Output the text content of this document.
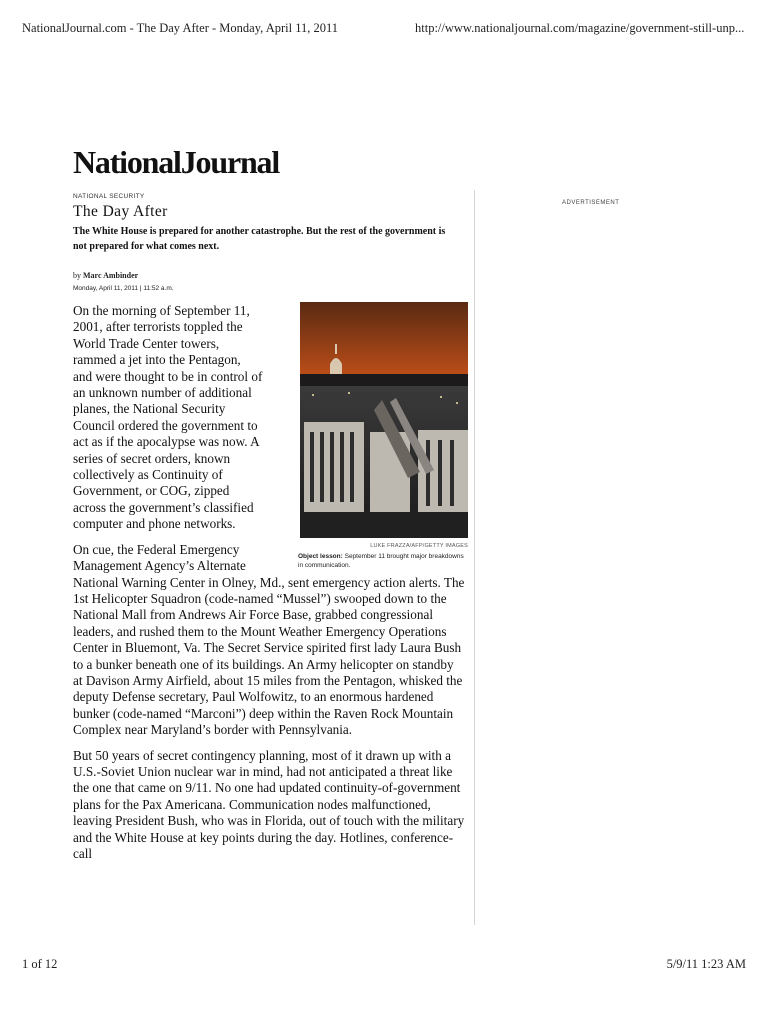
NationalJournal.com - The Day After - Monday, April 11, 2011	http://www.nationaljournal.com/magazine/government-still-unp...
NationalJournal
NATIONAL SECURITY
ADVERTISEMENT
The Day After
The White House is prepared for another catastrophe. But the rest of the government is not prepared for what comes next.
by Marc Ambinder
Monday, April 11, 2011 | 11:52 a.m.
LUKE FRAZZA/AFP/GETTY IMAGES
Object lesson: September 11 brought major breakdowns in communication.

On the morning of September 11, 2001, after terrorists toppled the World Trade Center towers, rammed a jet into the Pentagon, and were thought to be in control of an unknown number of additional planes, the National Security Council ordered the government to act as if the apocalypse was now. A series of secret orders, known collectively as Continuity of Government, or COG, zipped across the government’s classified computer and phone networks.

On cue, the Federal Emergency Management Agency’s Alternate National Warning Center in Olney, Md., sent emergency action alerts. The 1st Helicopter Squadron (code-named “Mussel”) swooped down to the National Mall from Andrews Air Force Base, grabbed congressional leaders, and rushed them to the Mount Weather Emergency Operations Center in Bluemont, Va. The Secret Service spirited first lady Laura Bush to a bunker beneath one of its buildings. An Army helicopter on standby at Davison Army Airfield, about 15 miles from the Pentagon, whisked the deputy Defense secretary, Paul Wolfowitz, to an enormous hardened bunker (code-named “Marconi”) deep within the Raven Rock Mountain Complex near Maryland’s border with Pennsylvania.

But 50 years of secret contingency planning, most of it drawn up with a U.S.-Soviet Union nuclear war in mind, had not anticipated a threat like the one that came on 9/11. No one had updated continuity-of-government plans for the Pax Americana. Communication nodes malfunctioned, leaving President Bush, who was in Florida, out of touch with the military and the White House at key points during the day. Hotlines, conference-call

1 of 12	5/9/11 1:23 AM
